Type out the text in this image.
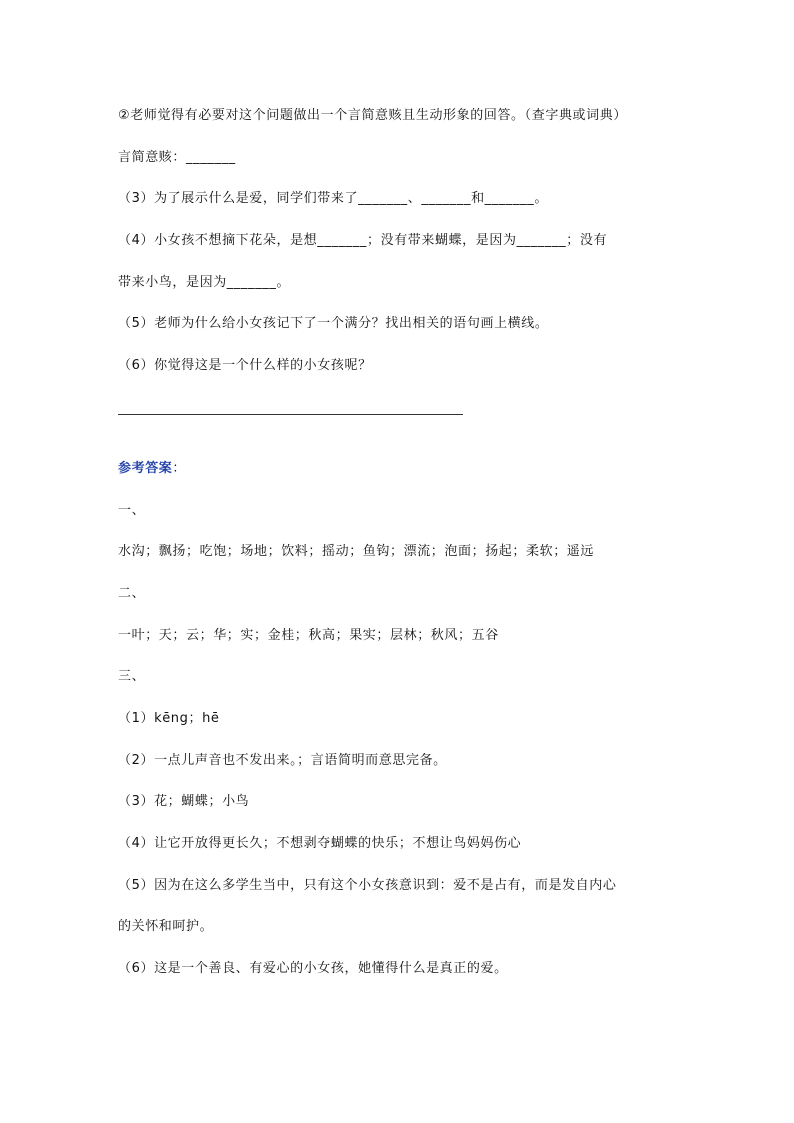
②老师觉得有必要对这个问题做出一个言简意赅且生动形象的回答。（查字典或词典）
言简意赅：_______
（3）为了展示什么是爱，同学们带来了_______、_______和_______。
（4）小女孩不想摘下花朵，是想_______；没有带来蝴蝶，是因为_______；没有
带来小鸟，是因为_______。
（5）老师为什么给小女孩记下了一个满分？找出相关的语句画上横线。
（6）你觉得这是一个什么样的小女孩呢？
参考答案：
一、
水沟；飘扬；吃饱；场地；饮料；摇动；鱼钩；漂流；泡面；扬起；柔软；遥远
二、
一叶；天；云；华；实；金桂；秋高；果实；层林；秋风；五谷
三、
（1）kēng；hē
（2）一点儿声音也不发出来。；言语简明而意思完备。
（3）花；蝴蝶；小鸟
（4）让它开放得更长久；不想剥夺蝴蝶的快乐；不想让鸟妈妈伤心
（5）因为在这么多学生当中，只有这个小女孩意识到：爱不是占有，而是发自内心
的关怀和呵护。
（6）这是一个善良、有爱心的小女孩，她懂得什么是真正的爱。
